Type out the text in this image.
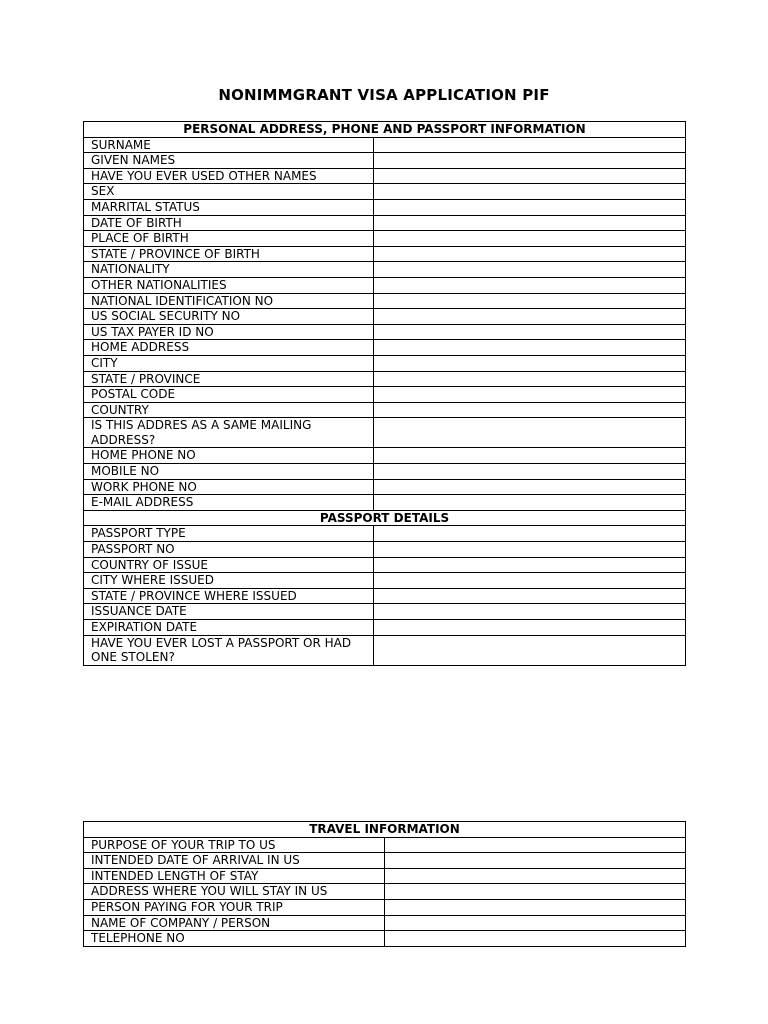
NONIMMGRANT VISA APPLICATION PIF
PERSONAL ADDRESS, PHONE AND PASSPORT INFORMATION	
SURNAME	
GIVEN NAMES	
HAVE YOU EVER USED OTHER NAMES	
SEX	
MARRITAL STATUS	
DATE OF BIRTH	
PLACE OF BIRTH	
STATE / PROVINCE OF BIRTH	
NATIONALITY	
OTHER NATIONALITIES	
NATIONAL IDENTIFICATION NO	
US SOCIAL SECURITY NO	
US TAX PAYER ID NO	
HOME ADDRESS	
CITY	
STATE / PROVINCE	
POSTAL CODE	
COUNTRY	
IS THIS ADDRES AS A SAME MAILING ADDRESS?	
HOME PHONE NO	
MOBILE NO	
WORK PHONE NO	
E-MAIL ADDRESS	
PASSPORT DETAILS	
PASSPORT TYPE	
PASSPORT NO	
COUNTRY OF ISSUE	
CITY WHERE ISSUED	
STATE / PROVINCE WHERE ISSUED	
ISSUANCE DATE	
EXPIRATION DATE	
HAVE YOU EVER LOST A PASSPORT OR HAD ONE STOLEN?	
TRAVEL INFORMATION	
PURPOSE OF YOUR TRIP TO US	
INTENDED DATE OF ARRIVAL IN US	
INTENDED LENGTH OF STAY	
ADDRESS WHERE YOU WILL STAY IN US	
PERSON PAYING FOR YOUR TRIP	
NAME OF COMPANY / PERSON	
TELEPHONE NO	
